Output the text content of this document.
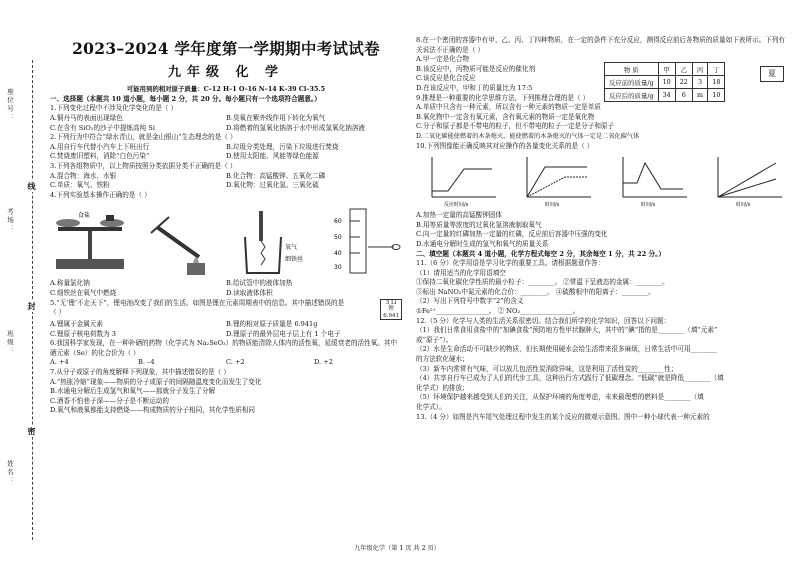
座位号：
考场：
班级：
姓名：
线
封
密
2023–2024 学年度第一学期期中考试试卷
九年级 化 学
可能用到的相对原子质量：C–12 H–1 O–16 N–14 K–39 Cl–35.5
一、选择题（本题共 10 道小题，每小题 2 分，共 20 分。每小题只有一个选项符合题意。）

1.下列变化过程中不涉及化学变化的是（ ）

A.铜丹马的表面出现绿色	B.臭氧在紫外线作用下转化为氧气
C.在含有 SiO₂的沙子中提炼高纯 Si	D.将燃着的氢氧化钠溶于水中形成氢氧化钠溶液

2.下列行为中符合“绿水青山，就是金山银山”生态理念的是（ ）

A.用自行车代替小汽车上下班出行	B.垃圾分类处理，污染下垃圾进行焚烧
C.焚烧废旧塑料，消除“白色污染”	D.使用太阳能、风能等绿色能源

3.下列各组物质中，以上物质按照分类依据分类不正确的是（ ）

A.混合物：海水、水银	B.化合物：高锰酸钾、五氧化二磷
C.单质：氧气、铁粉	D.氧化物：过氧化氢、三氧化硫

4.下列实验基本操作正确的是（ ）

食盐
氧气
细铁丝
60
50
40
30
A.称量氯化钠	B.给试管中的液体加热
C.细铁丝在氧气中燃烧	D.读取液体体积

5.“无‘锂’不走天下”，锂电池改变了我们的生活。如图是锂在元素周期表中的信息。其中描述错误的是（ ）

3 Li
锂
6.941
A.锂属于金属元素	B.锂的相对原子质量是 6.941g
C.锂原子核电荷数为 3	D.锂原子的最外层电子层上有 1 个电子

6.我国科学家发现，在一种补硒的药物（化学式为 Na₂SeO₃）的物质能清除人体内的活性氧，延缓衰老的活性氧。其中硒元素（Se）的化合价为（ ）

A. +4	B. –4	C. +2	D. +2

7.从分子或原子的角度解释下列现象，其中描述错误的是（ ）

A.“热胀冷缩”现象——物质的分子或原子的间隔随温度变化而发生了变化

B.水通电分解后生成氢气和氧气——那就分子发生了分解

C.酒香不怕巷子深——分子是不断运动的

D.氧气和液氧都能支持燃烧——构成物质的分子相同，其化学性质相同

8.在一个密闭的容器中有甲、乙、丙、丁四种物质，在一定的条件下充分反应，测得反应前后各物质的质量如下表所示。下列有关说法不正确的是（ ）

A.甲一定是化合物

B.该反应中，丙物质可能是反应的催化剂

C.该反应是化合反应

D.在该反应中，甲和丁的质量比为 17:5

9.推理是一种重要的化学思维方法，下列推理合理的是（ ）

A.单质中只含有一种元素，所以含有一种元素的物质一定是单质

B.氧化物中一定含有氧元素，含有氧元素的物质一定是氧化物

C.分子和原子都是不带电的粒子，但不带电的粒子一定是分子和原子

D.二氧化碳能使燃着的木条熄灭，能使燃着的木条熄灭的气体一定是二氧化碳气体

10.下列图像能正确反映其对应操作的各量变化关系的是（ ）

反应时间/s	时间/s	时间/s	时间/s

A.加热一定量的高锰酸钾固体

B.用等质量等浓度的过氧化氢溶液制取氧气

C.向一定量的红磷加热一定量的红磷，反应前后容器中压强的变化

D.水通电分解时生成的氢气和氧气的质量关系

二、填空题（本题共 4 道小题，化学方程式每空 2 分，其余每空 1 分，共 22 分。）

11.（6 分）化学用语是学习化学的重要工具。请根据题意作答：

（1）请用适当的化学用语填空

①保持二氧化碳化学性质的最小粒子：________。 ②常温下呈液态的金属：________。

③标出 NaNO₂中氮元素的化合价：________。 ④硫酸根中的阳离子：________。

（2）写出下列符号中数字“2”的含义

①Fe²⁺________________。 ② NO₂________________。

12.（5 分）化学与人类的生活关系很密切。结合我们所学的化学知识，回答以下问题：

（1）我们日常食用食盐中的“加碘食盐”预防地方性甲状腺肿大，其中的“碘”指的是________（填“元素”

或“原子”）。

（2）水是生命活动不可缺少的物质，但长期使用硬水会给生活带来很多麻烦，日常生活中可用________

的方法软化硬水；

（3）新车内常常有气味，可以放几包活性炭消除异味，这是利用了活性炭的________性；

（4）共享自行车已成为了人们的代步工具，这种出行方式践行了低碳理念。“低碳”就是降低________（填

化学式）的排放；

（5）环境保护越来越受到人们的关注，从保护环境的角度考虑，未来最理想的燃料是________（填

化学式）。

13.（4 分）如图是汽车尾气处理过程中发生的某个反应的微观示意图。图中一种小球代表一种元素的

物 质	甲	乙	丙	丁
反应前的质量/g	10	22	3	18
反应后的质量/g	34	6	m	10
夏
九年级化学（第 1 页 共 2 页）
